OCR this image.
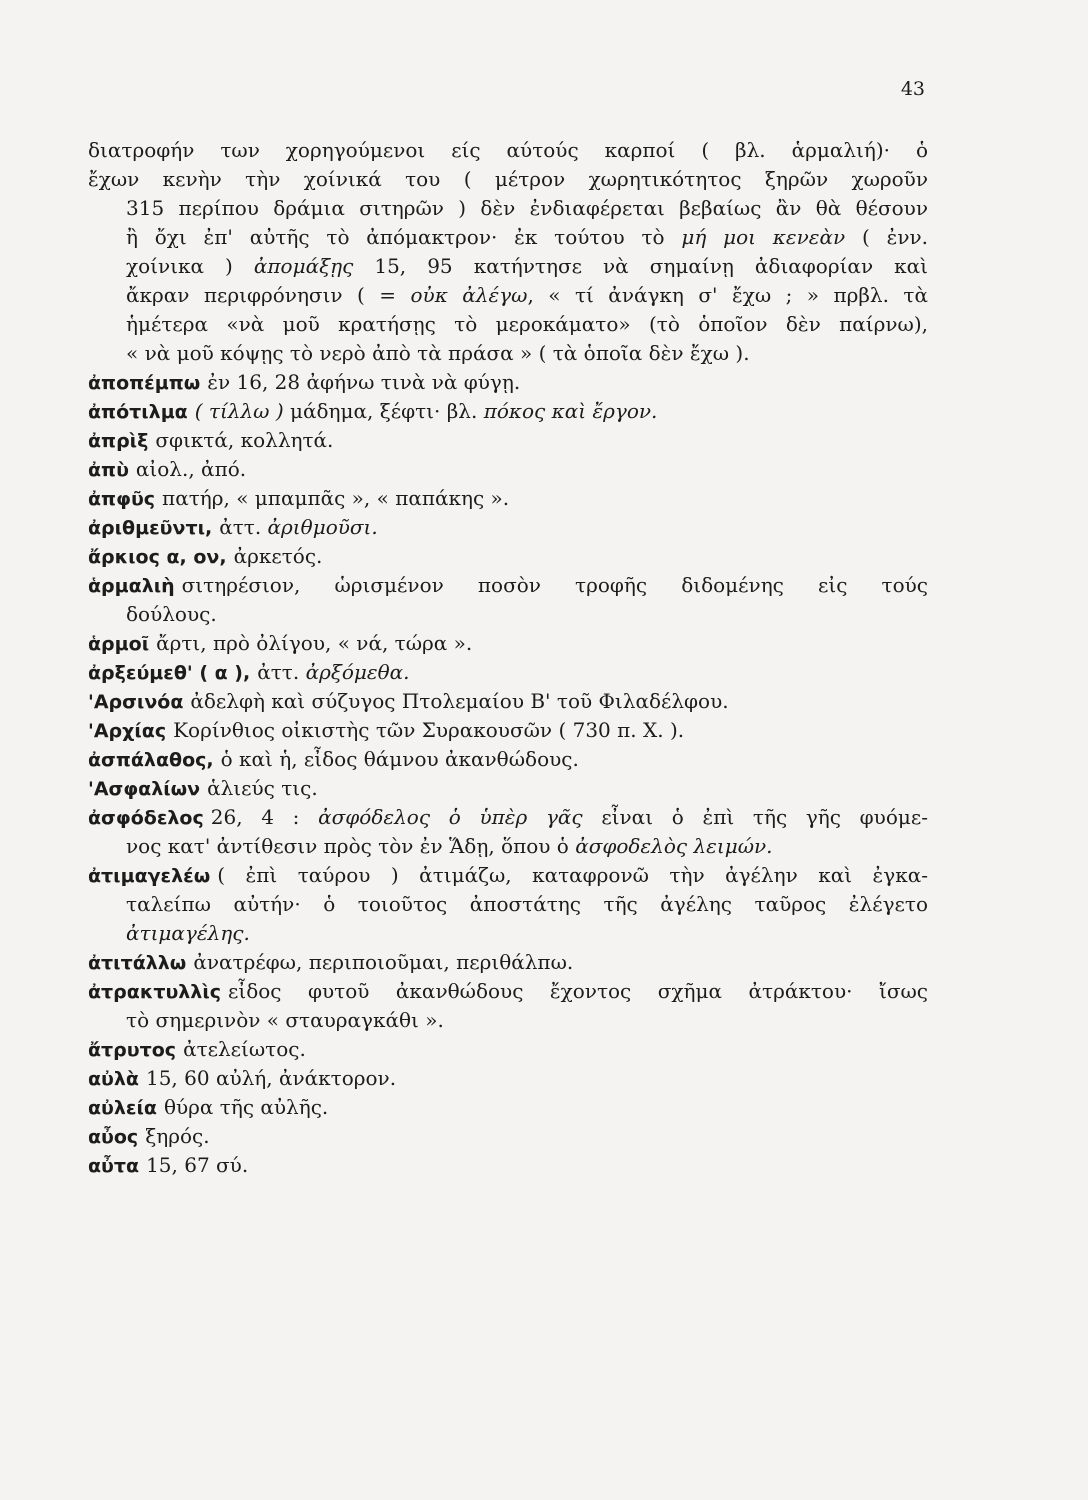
43
διατροφήν των χορηγούμενοι είς αύτούς καρποί ( βλ. ἁρμαλιή)· ὁ
ἔχων κενὴν τὴν χοίνικά του ( μέτρον χωρητικότητος ξηρῶν χωροῦν
315 περίπου δράμια σιτηρῶν ) δὲν ἐνδιαφέρεται βεβαίως ἂν θὰ θέσουν
ἢ ὄχι ἐπ' αὐτῆς τὸ ἀπόμακτρον· ἐκ τούτου τὸ μή μοι κενεὰν ( ἐνν.
χοίνικα ) ἀπομάξῃς 15, 95 κατήντησε νὰ σημαίνῃ ἀδιαφορίαν καὶ
ἄκραν περιφρόνησιν ( = οὐκ ἀλέγω, « τί ἀνάγκη σ' ἔχω ; » πρβλ. τὰ
ἡμέτερα «νὰ μοῦ κρατήσῃς τὸ μεροκάματο» (τὸ ὁποῖον δὲν παίρνω),
« νὰ μοῦ κόψῃς τὸ νερὸ ἀπὸ τὰ πράσα » ( τὰ ὁποῖα δὲν ἔχω ).
ἀποπέμπω ἐν 16, 28 ἀφήνω τινὰ νὰ φύγῃ.
ἀπότιλμα ( τίλλω ) μάδημα, ξέφτι· βλ. πόκος καὶ ἔργον.
ἀπρὶξ σφικτά, κολλητά.
ἀπὺ αἰολ., ἀπό.
ἀπφῦς πατήρ, « μπαμπᾶς », « παπάκης ».
ἀριθμεῦντι, ἀττ. ἀριθμοῦσι.
ἄρκιος α, ον, ἀρκετός.
ἁρμαλιὴ σιτηρέσιον, ὡρισμένον ποσὸν τροφῆς διδομένης εἰς τούς
δούλους.
ἁρμοῖ ἄρτι, πρὸ ὀλίγου, « νά, τώρα ».
ἀρξεύμεθ' ( α ), ἀττ. ἀρξόμεθα.
'Αρσινόα ἀδελφὴ καὶ σύζυγος Πτολεμαίου Β' τοῦ Φιλαδέλφου.
'Αρχίας Κορίνθιος οἰκιστὴς τῶν Συρακουσῶν ( 730 π. Χ. ).
ἀσπάλαθος, ὁ καὶ ἡ, εἶδος θάμνου ἀκανθώδους.
'Ασφαλίων ἁλιεύς τις.
ἀσφόδελος 26, 4 : ἀσφόδελος ὁ ὑπὲρ γᾶς εἶναι ὁ ἐπὶ τῆς γῆς φυόμε-
νος κατ' ἀντίθεσιν πρὸς τὸν ἐν Ἅδῃ, ὅπου ὁ ἀσφοδελὸς λειμών.
ἀτιμαγελέω ( ἐπὶ ταύρου ) ἀτιμάζω, καταφρονῶ τὴν ἀγέλην καὶ ἐγκα-
ταλείπω αὐτήν· ὁ τοιοῦτος ἀποστάτης τῆς ἀγέλης ταῦρος ἐλέγετο
ἀτιμαγέλης.
ἀτιτάλλω ἀνατρέφω, περιποιοῦμαι, περιθάλπω.
ἀτρακτυλλὶς εἶδος φυτοῦ ἀκανθώδους ἔχοντος σχῆμα ἀτράκτου· ἴσως
τὸ σημερινὸν « σταυραγκάθι ».
ἄτρυτος ἀτελείωτος.
αὐλὰ 15, 60 αὐλή, ἀνάκτορον.
αὐλεία θύρα τῆς αὐλῆς.
αὖος ξηρός.
αὖτα 15, 67 σύ.
